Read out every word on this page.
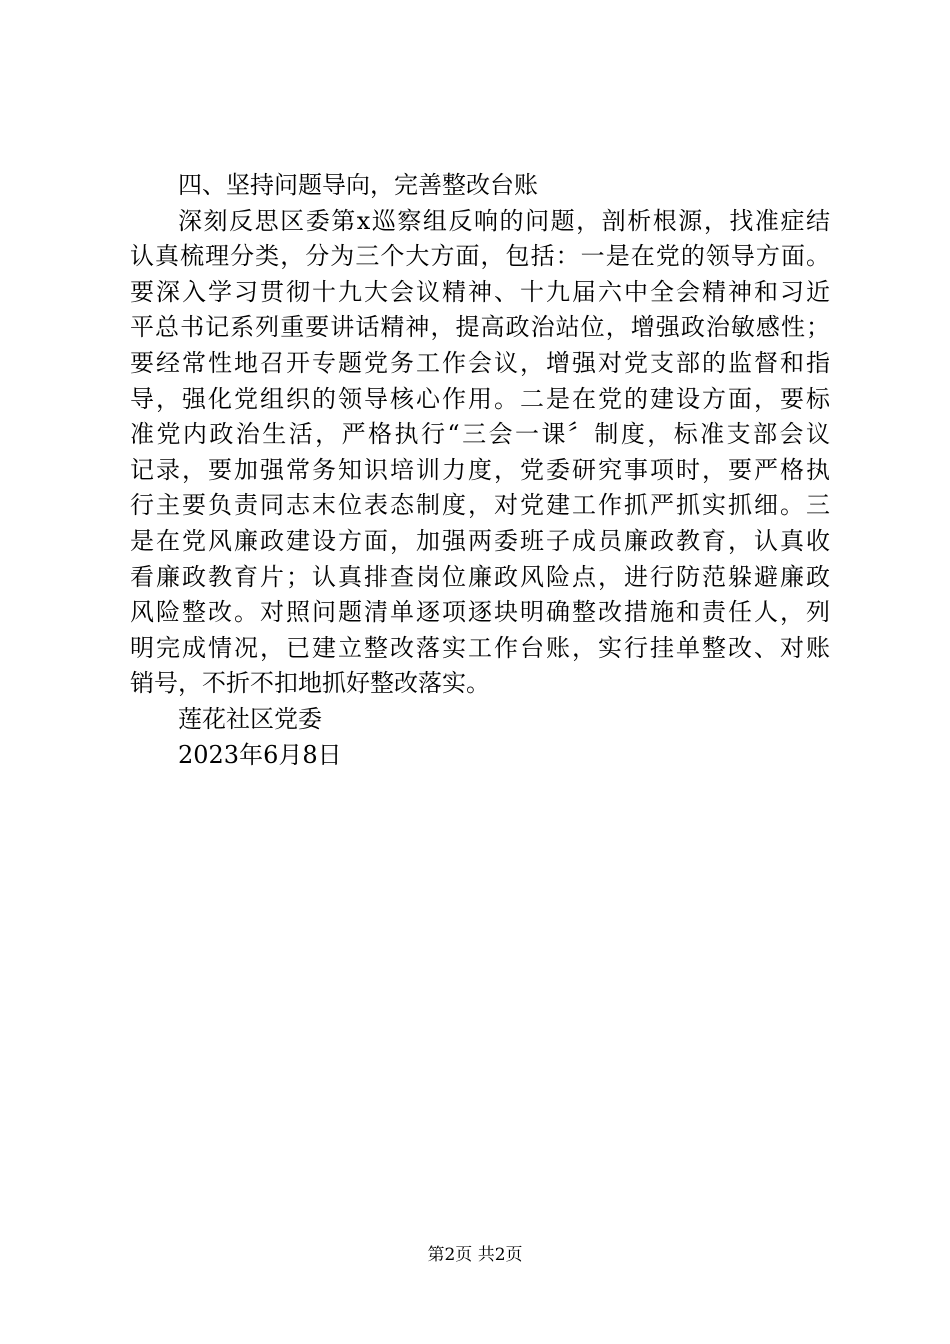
四、坚持问题导向，完善整改台账
深刻反思区委第x巡察组反响的问题，剖析根源，找准症结
认真梳理分类，分为三个大方面，包括：一是在党的领导方面。
要深入学习贯彻十九大会议精神、十九届六中全会精神和习近
平总书记系列重要讲话精神，提高政治站位，增强政治敏感性；
要经常性地召开专题党务工作会议，增强对党支部的监督和指
导，强化党组织的领导核心作用。二是在党的建设方面，要标
准党内政治生活，严格执行“三会一课〞制度，标准支部会议
记录，要加强常务知识培训力度，党委研究事项时，要严格执
行主要负责同志末位表态制度，对党建工作抓严抓实抓细。三
是在党风廉政建设方面，加强两委班子成员廉政教育，认真收
看廉政教育片；认真排查岗位廉政风险点，进行防范躲避廉政
风险整改。对照问题清单逐项逐块明确整改措施和责任人，列
明完成情况，已建立整改落实工作台账，实行挂单整改、对账
销号，不折不扣地抓好整改落实。
莲花社区党委
2023年6月8日
第2页 共2页
